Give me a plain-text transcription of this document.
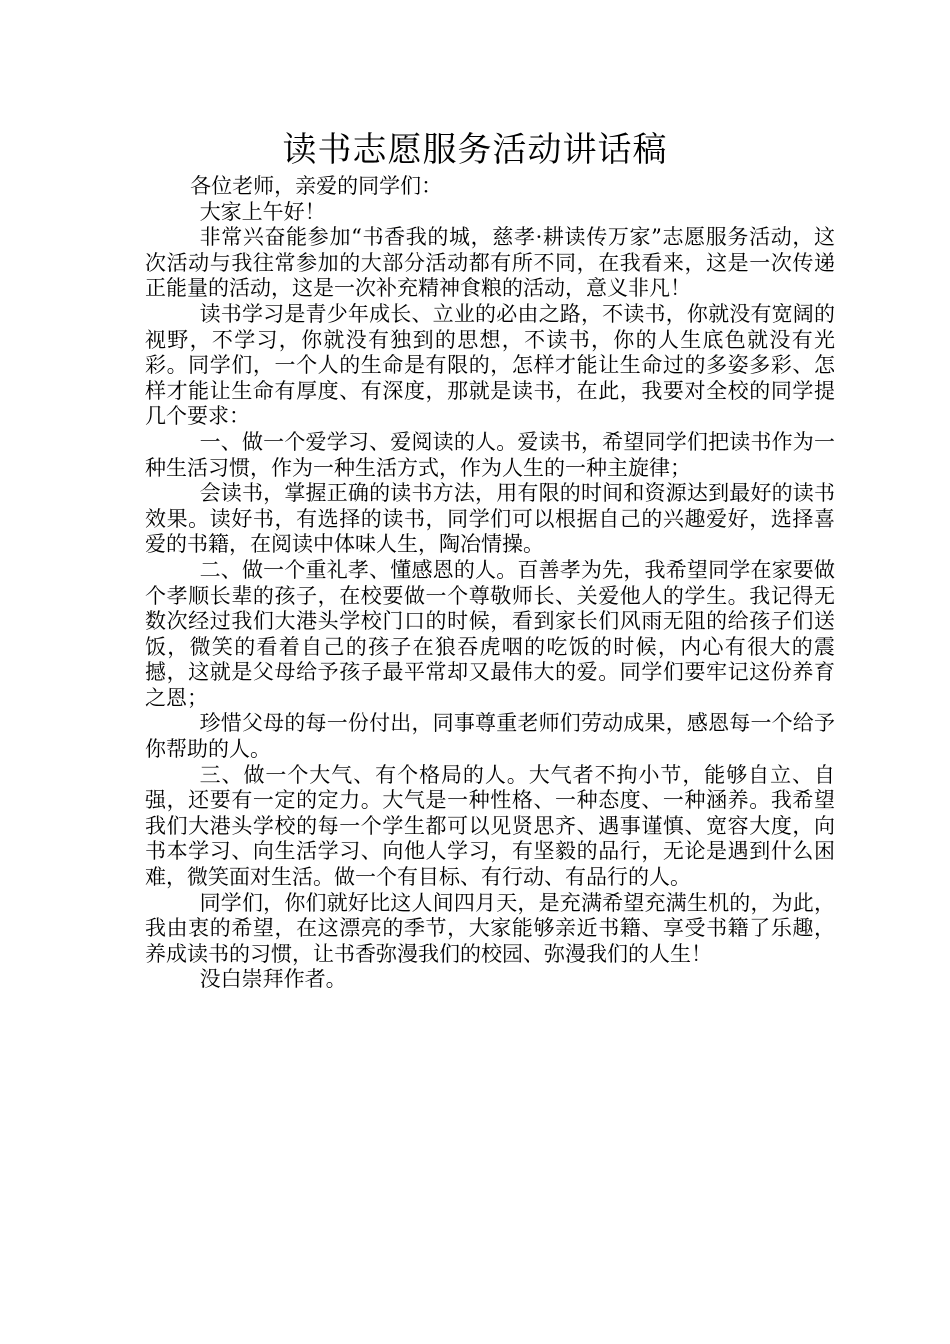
读书志愿服务活动讲话稿

各位老师，亲爱的同学们：

大家上午好！

非常兴奋能参加“书香我的城，慈孝·耕读传万家”志愿服务活动，这次活动与我往常参加的大部分活动都有所不同，在我看来，这是一次传递正能量的活动，这是一次补充精神食粮的活动，意义非凡！

读书学习是青少年成长、立业的必由之路，不读书，你就没有宽阔的视野，不学习，你就没有独到的思想，不读书，你的人生底色就没有光彩。同学们，一个人的生命是有限的，怎样才能让生命过的多姿多彩、怎样才能让生命有厚度、有深度，那就是读书，在此，我要对全校的同学提几个要求：

一、做一个爱学习、爱阅读的人。爱读书，希望同学们把读书作为一种生活习惯，作为一种生活方式，作为人生的一种主旋律；

会读书，掌握正确的读书方法，用有限的时间和资源达到最好的读书效果。读好书，有选择的读书，同学们可以根据自己的兴趣爱好，选择喜爱的书籍，在阅读中体味人生，陶冶情操。

二、做一个重礼孝、懂感恩的人。百善孝为先，我希望同学在家要做个孝顺长辈的孩子，在校要做一个尊敬师长、关爱他人的学生。我记得无数次经过我们大港头学校门口的时候，看到家长们风雨无阻的给孩子们送饭，微笑的看着自己的孩子在狼吞虎咽的吃饭的时候，内心有很大的震撼，这就是父母给予孩子最平常却又最伟大的爱。同学们要牢记这份养育之恩；

珍惜父母的每一份付出，同事尊重老师们劳动成果，感恩每一个给予你帮助的人。

三、做一个大气、有个格局的人。大气者不拘小节，能够自立、自强，还要有一定的定力。大气是一种性格、一种态度、一种涵养。我希望我们大港头学校的每一个学生都可以见贤思齐、遇事谨慎、宽容大度，向书本学习、向生活学习、向他人学习，有坚毅的品行，无论是遇到什么困难，微笑面对生活。做一个有目标、有行动、有品行的人。

同学们，你们就好比这人间四月天，是充满希望充满生机的，为此，我由衷的希望，在这漂亮的季节，大家能够亲近书籍、享受书籍了乐趣，养成读书的习惯，让书香弥漫我们的校园、弥漫我们的人生！

没白崇拜作者。
